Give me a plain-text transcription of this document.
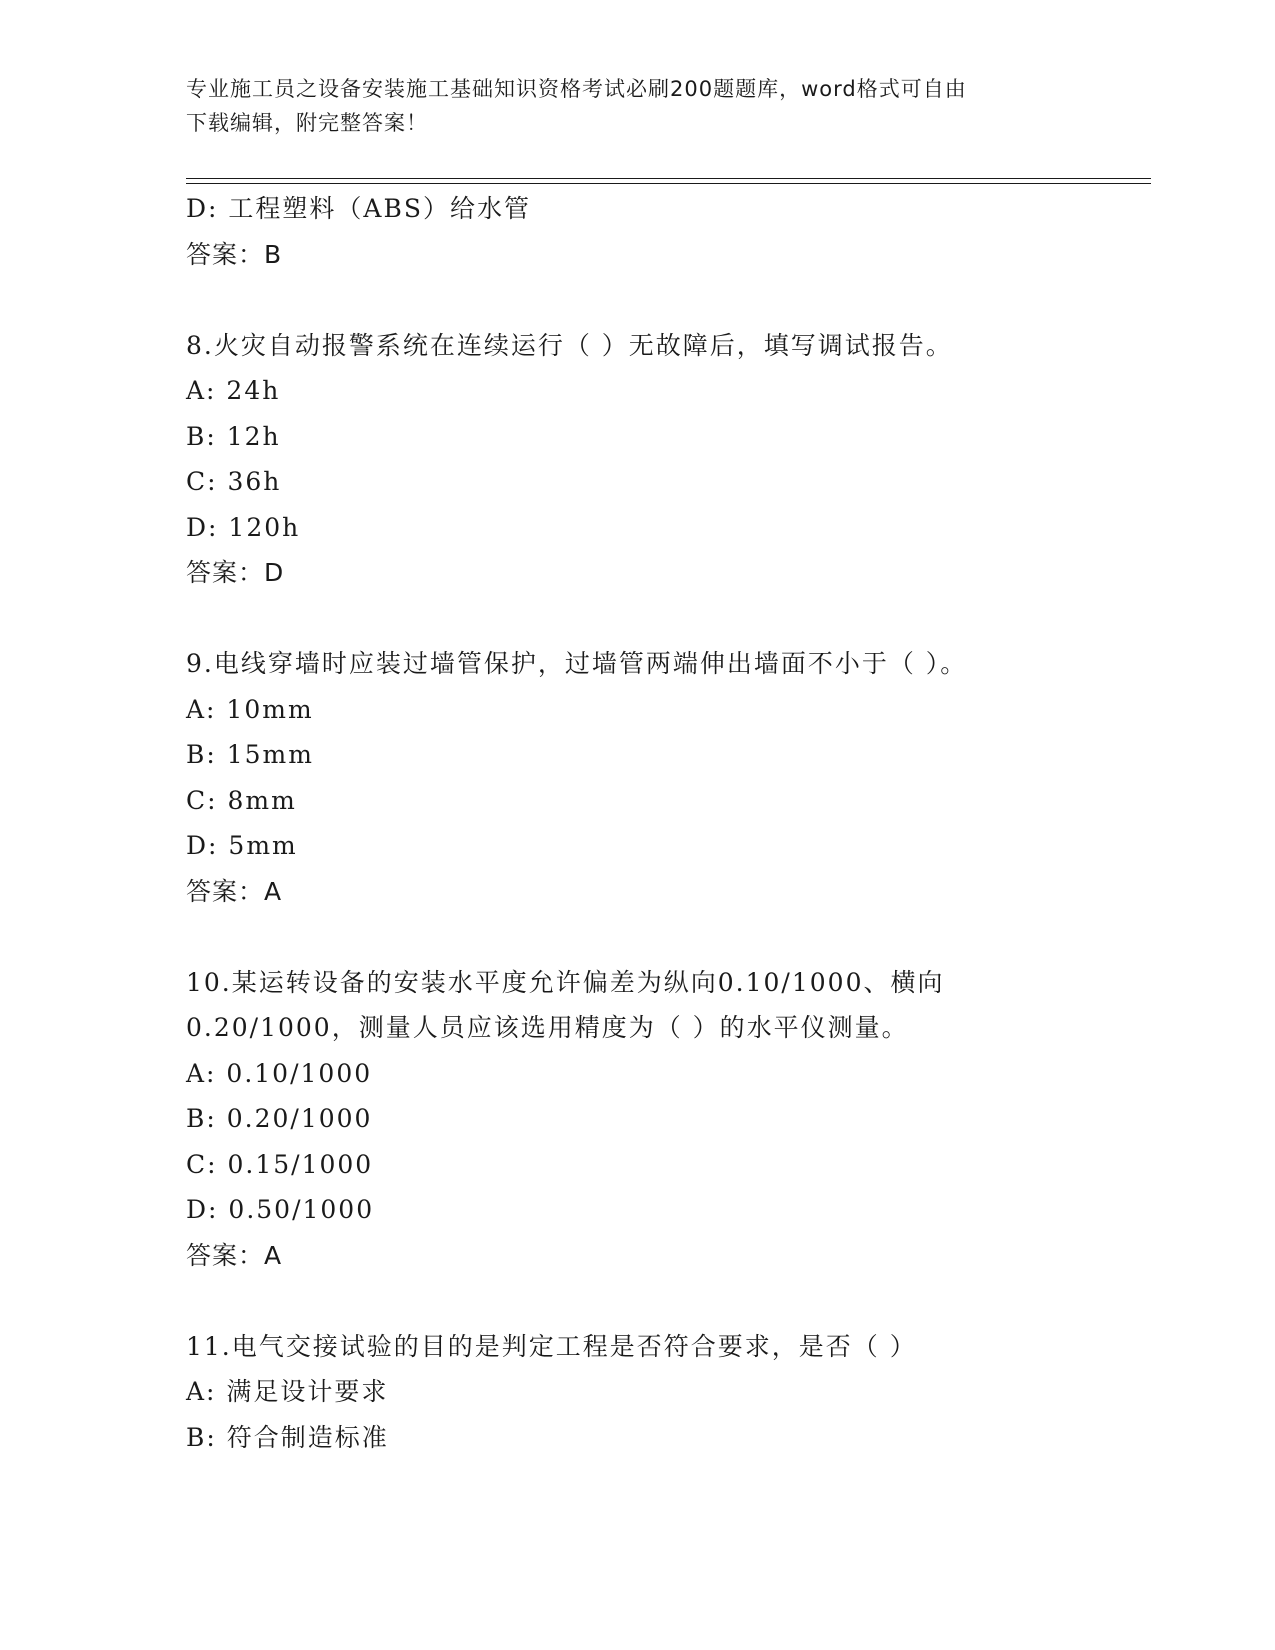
专业施工员之设备安装施工基础知识资格考试必刷200题题库，word格式可自由
下载编辑，附完整答案！
D: 工程塑料（ABS）给水管
答案：B
8.火灾自动报警系统在连续运行（ ）无故障后，填写调试报告。
A: 24h
B: 12h
C: 36h
D: 120h
答案：D
9.电线穿墙时应装过墙管保护，过墙管两端伸出墙面不小于（ ）。
A: 10mm
B: 15mm
C: 8mm
D: 5mm
答案：A
10.某运转设备的安装水平度允许偏差为纵向0.10/1000、横向
0.20/1000，测量人员应该选用精度为（ ）的水平仪测量。
A: 0.10/1000
B: 0.20/1000
C: 0.15/1000
D: 0.50/1000
答案：A
11.电气交接试验的目的是判定工程是否符合要求，是否（ ）
A: 满足设计要求
B: 符合制造标准
